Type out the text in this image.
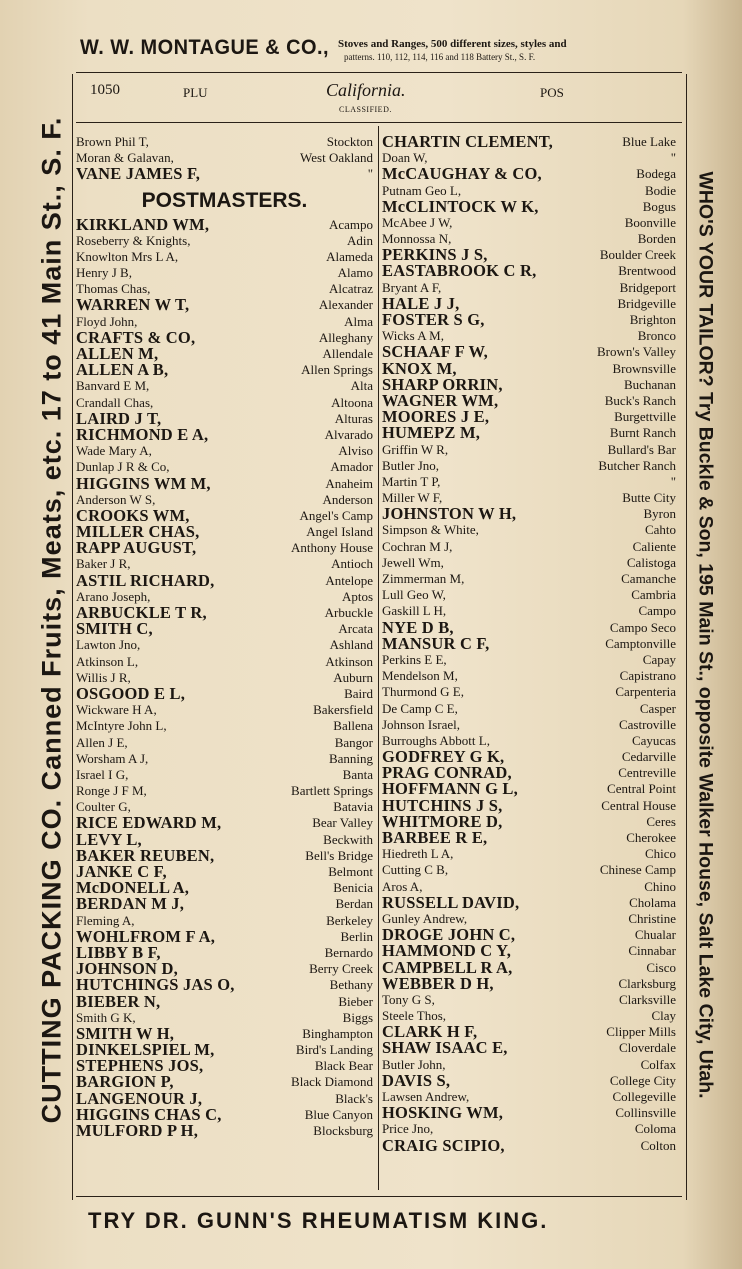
W. W. MONTAGUE & CO., Stoves and Ranges, 500 different sizes, styles and
patterns. 110, 112, 114, 116 and 118 Battery St., S. F.
1050	PLU	California.
CLASSIFIED.
POS
CUTTING PACKING CO. Canned Fruits, Meats, etc. 17 to 41 Main St., S. F.	WHO'S YOUR TAILOR? Try Buckle & Son, 195 Main St., opposite Walker House, Salt Lake City, Utah.
Brown Phil T,	Stockton
Moran & Galavan,	West Oakland
VANE JAMES F,	"
POSTMASTERS.
KIRKLAND WM,	Acampo
Roseberry & Knights,	Adin
Knowlton Mrs L A,	Alameda
Henry J B,	Alamo
Thomas Chas,	Alcatraz
WARREN W T,	Alexander
Floyd John,	Alma
CRAFTS & CO,	Alleghany
ALLEN M,	Allendale
ALLEN A B,	Allen Springs
Banvard E M,	Alta
Crandall Chas,	Altoona
LAIRD J T,	Alturas
RICHMOND E A,	Alvarado
Wade Mary A,	Alviso
Dunlap J R & Co,	Amador
HIGGINS WM M,	Anaheim
Anderson W S,	Anderson
CROOKS WM,	Angel's Camp
MILLER CHAS,	Angel Island
RAPP AUGUST,	Anthony House
Baker J R,	Antioch
ASTIL RICHARD,	Antelope
Arano Joseph,	Aptos
ARBUCKLE T R,	Arbuckle
SMITH C,	Arcata
Lawton Jno,	Ashland
Atkinson L,	Atkinson
Willis J R,	Auburn
OSGOOD E L,	Baird
Wickware H A,	Bakersfield
McIntyre John L,	Ballena
Allen J E,	Bangor
Worsham A J,	Banning
Israel I G,	Banta
Ronge J F M,	Bartlett Springs
Coulter G,	Batavia
RICE EDWARD M,	Bear Valley
LEVY L,	Beckwith
BAKER REUBEN,	Bell's Bridge
JANKE C F,	Belmont
McDONELL A,	Benicia
BERDAN M J,	Berdan
Fleming A,	Berkeley
WOHLFROM F A,	Berlin
LIBBY B F,	Bernardo
JOHNSON D,	Berry Creek
HUTCHINGS JAS O,	Bethany
BIEBER N,	Bieber
Smith G K,	Biggs
SMITH W H,	Binghampton
DINKELSPIEL M,	Bird's Landing
STEPHENS JOS,	Black Bear
BARGION P,	Black Diamond
LANGENOUR J,	Black's
HIGGINS CHAS C,	Blue Canyon
MULFORD P H,	Blocksburg
CHARTIN CLEMENT,	Blue Lake
Doan W,	"
McCAUGHAY & CO,	Bodega
Putnam Geo L,	Bodie
McCLINTOCK W K,	Bogus
McAbee J W,	Boonville
Monnossa N,	Borden
PERKINS J S,	Boulder Creek
EASTABROOK C R,	Brentwood
Bryant A F,	Bridgeport
HALE J J,	Bridgeville
FOSTER S G,	Brighton
Wicks A M,	Bronco
SCHAAF F W,	Brown's Valley
KNOX M,	Brownsville
SHARP ORRIN,	Buchanan
WAGNER WM,	Buck's Ranch
MOORES J E,	Burgettville
HUMEPZ M,	Burnt Ranch
Griffin W R,	Bullard's Bar
Butler Jno,	Butcher Ranch
Martin T P,	"
Miller W F,	Butte City
JOHNSTON W H,	Byron
Simpson & White,	Cahto
Cochran M J,	Caliente
Jewell Wm,	Calistoga
Zimmerman M,	Camanche
Lull Geo W,	Cambria
Gaskill L H,	Campo
NYE D B,	Campo Seco
MANSUR C F,	Camptonville
Perkins E E,	Capay
Mendelson M,	Capistrano
Thurmond G E,	Carpenteria
De Camp C E,	Casper
Johnson Israel,	Castroville
Burroughs Abbott L,	Cayucas
GODFREY G K,	Cedarville
PRAG CONRAD,	Centreville
HOFFMANN G L,	Central Point
HUTCHINS J S,	Central House
WHITMORE D,	Ceres
BARBEE R E,	Cherokee
Hiedreth L A,	Chico
Cutting C B,	Chinese Camp
Aros A,	Chino
RUSSELL DAVID,	Cholama
Gunley Andrew,	Christine
DROGE JOHN C,	Chualar
HAMMOND C Y,	Cinnabar
CAMPBELL R A,	Cisco
WEBBER D H,	Clarksburg
Tony G S,	Clarksville
Steele Thos,	Clay
CLARK H F,	Clipper Mills
SHAW ISAAC E,	Cloverdale
Butler John,	Colfax
DAVIS S,	College City
Lawsen Andrew,	Collegeville
HOSKING WM,	Collinsville
Price Jno,	Coloma
CRAIG SCIPIO,	Colton
TRY DR. GUNN'S RHEUMATISM KING.
